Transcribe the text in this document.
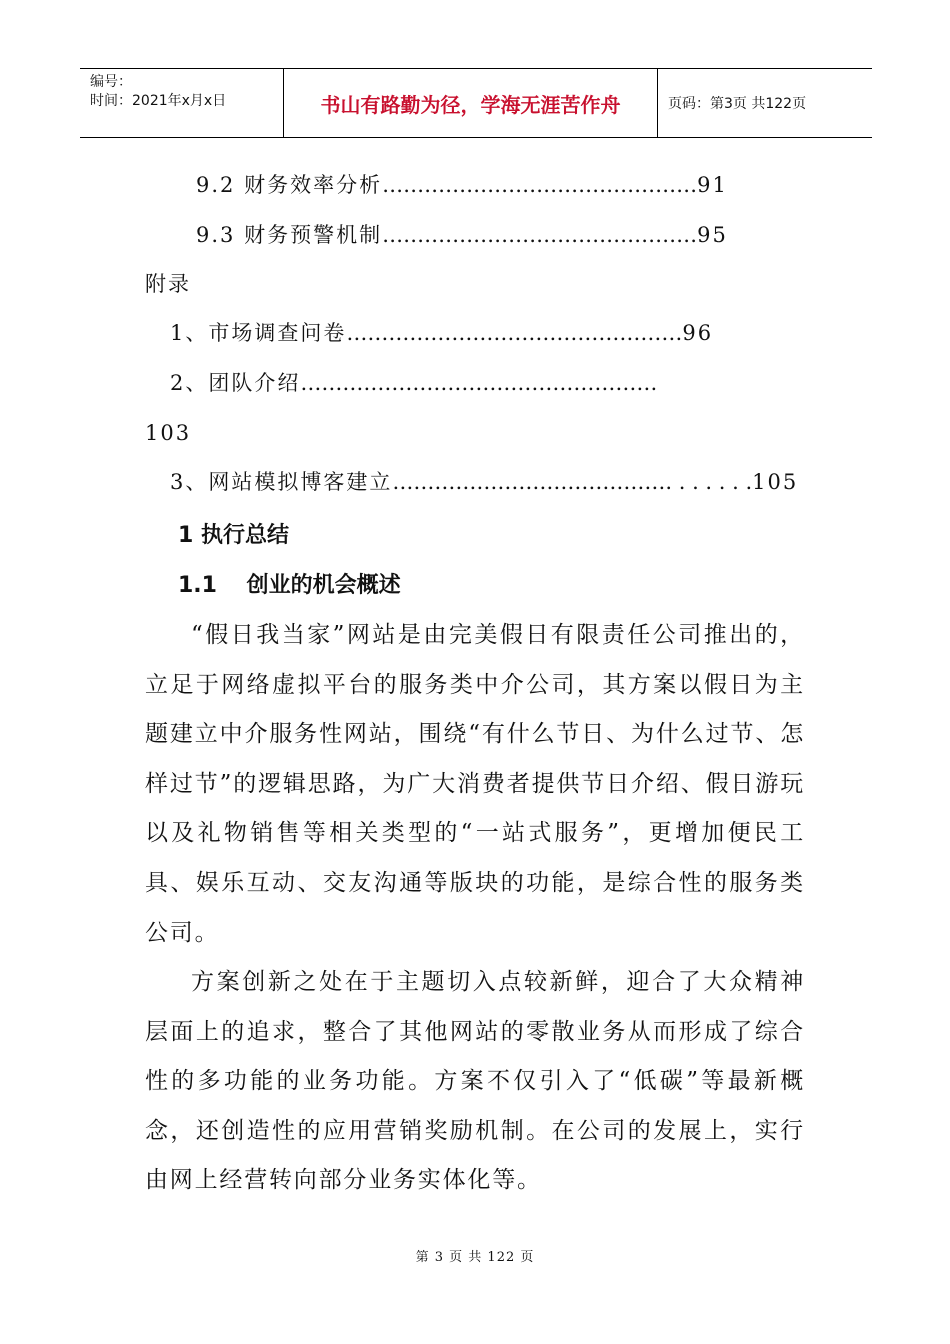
编号：
时间：2021年x月x日	书山有路勤为径，学海无涯苦作舟	页码：第3页 共122页
9.2 财务效率分析………………………………………91
9.3 财务预警机制………………………………………95
附录
1、市场调查问卷…………………………………………96
2、团队介绍……………………………………………
103
3、网站模拟博客建立…………………………………. . . . . . .105
1 执行总结
1.1 创业的机会概述
“假日我当家”网站是由完美假日有限责任公司推出的，立足于网络虚拟平台的服务类中介公司，其方案以假日为主题建立中介服务性网站，围绕“有什么节日、为什么过节、怎样过节”的逻辑思路，为广大消费者提供节日介绍、假日游玩以及礼物销售等相关类型的“一站式服务”，更增加便民工具、娱乐互动、交友沟通等版块的功能，是综合性的服务类公司。
方案创新之处在于主题切入点较新鲜，迎合了大众精神层面上的追求，整合了其他网站的零散业务从而形成了综合性的多功能的业务功能。方案不仅引入了“低碳”等最新概念，还创造性的应用营销奖励机制。在公司的发展上，实行由网上经营转向部分业务实体化等。
第 3 页 共 122 页
